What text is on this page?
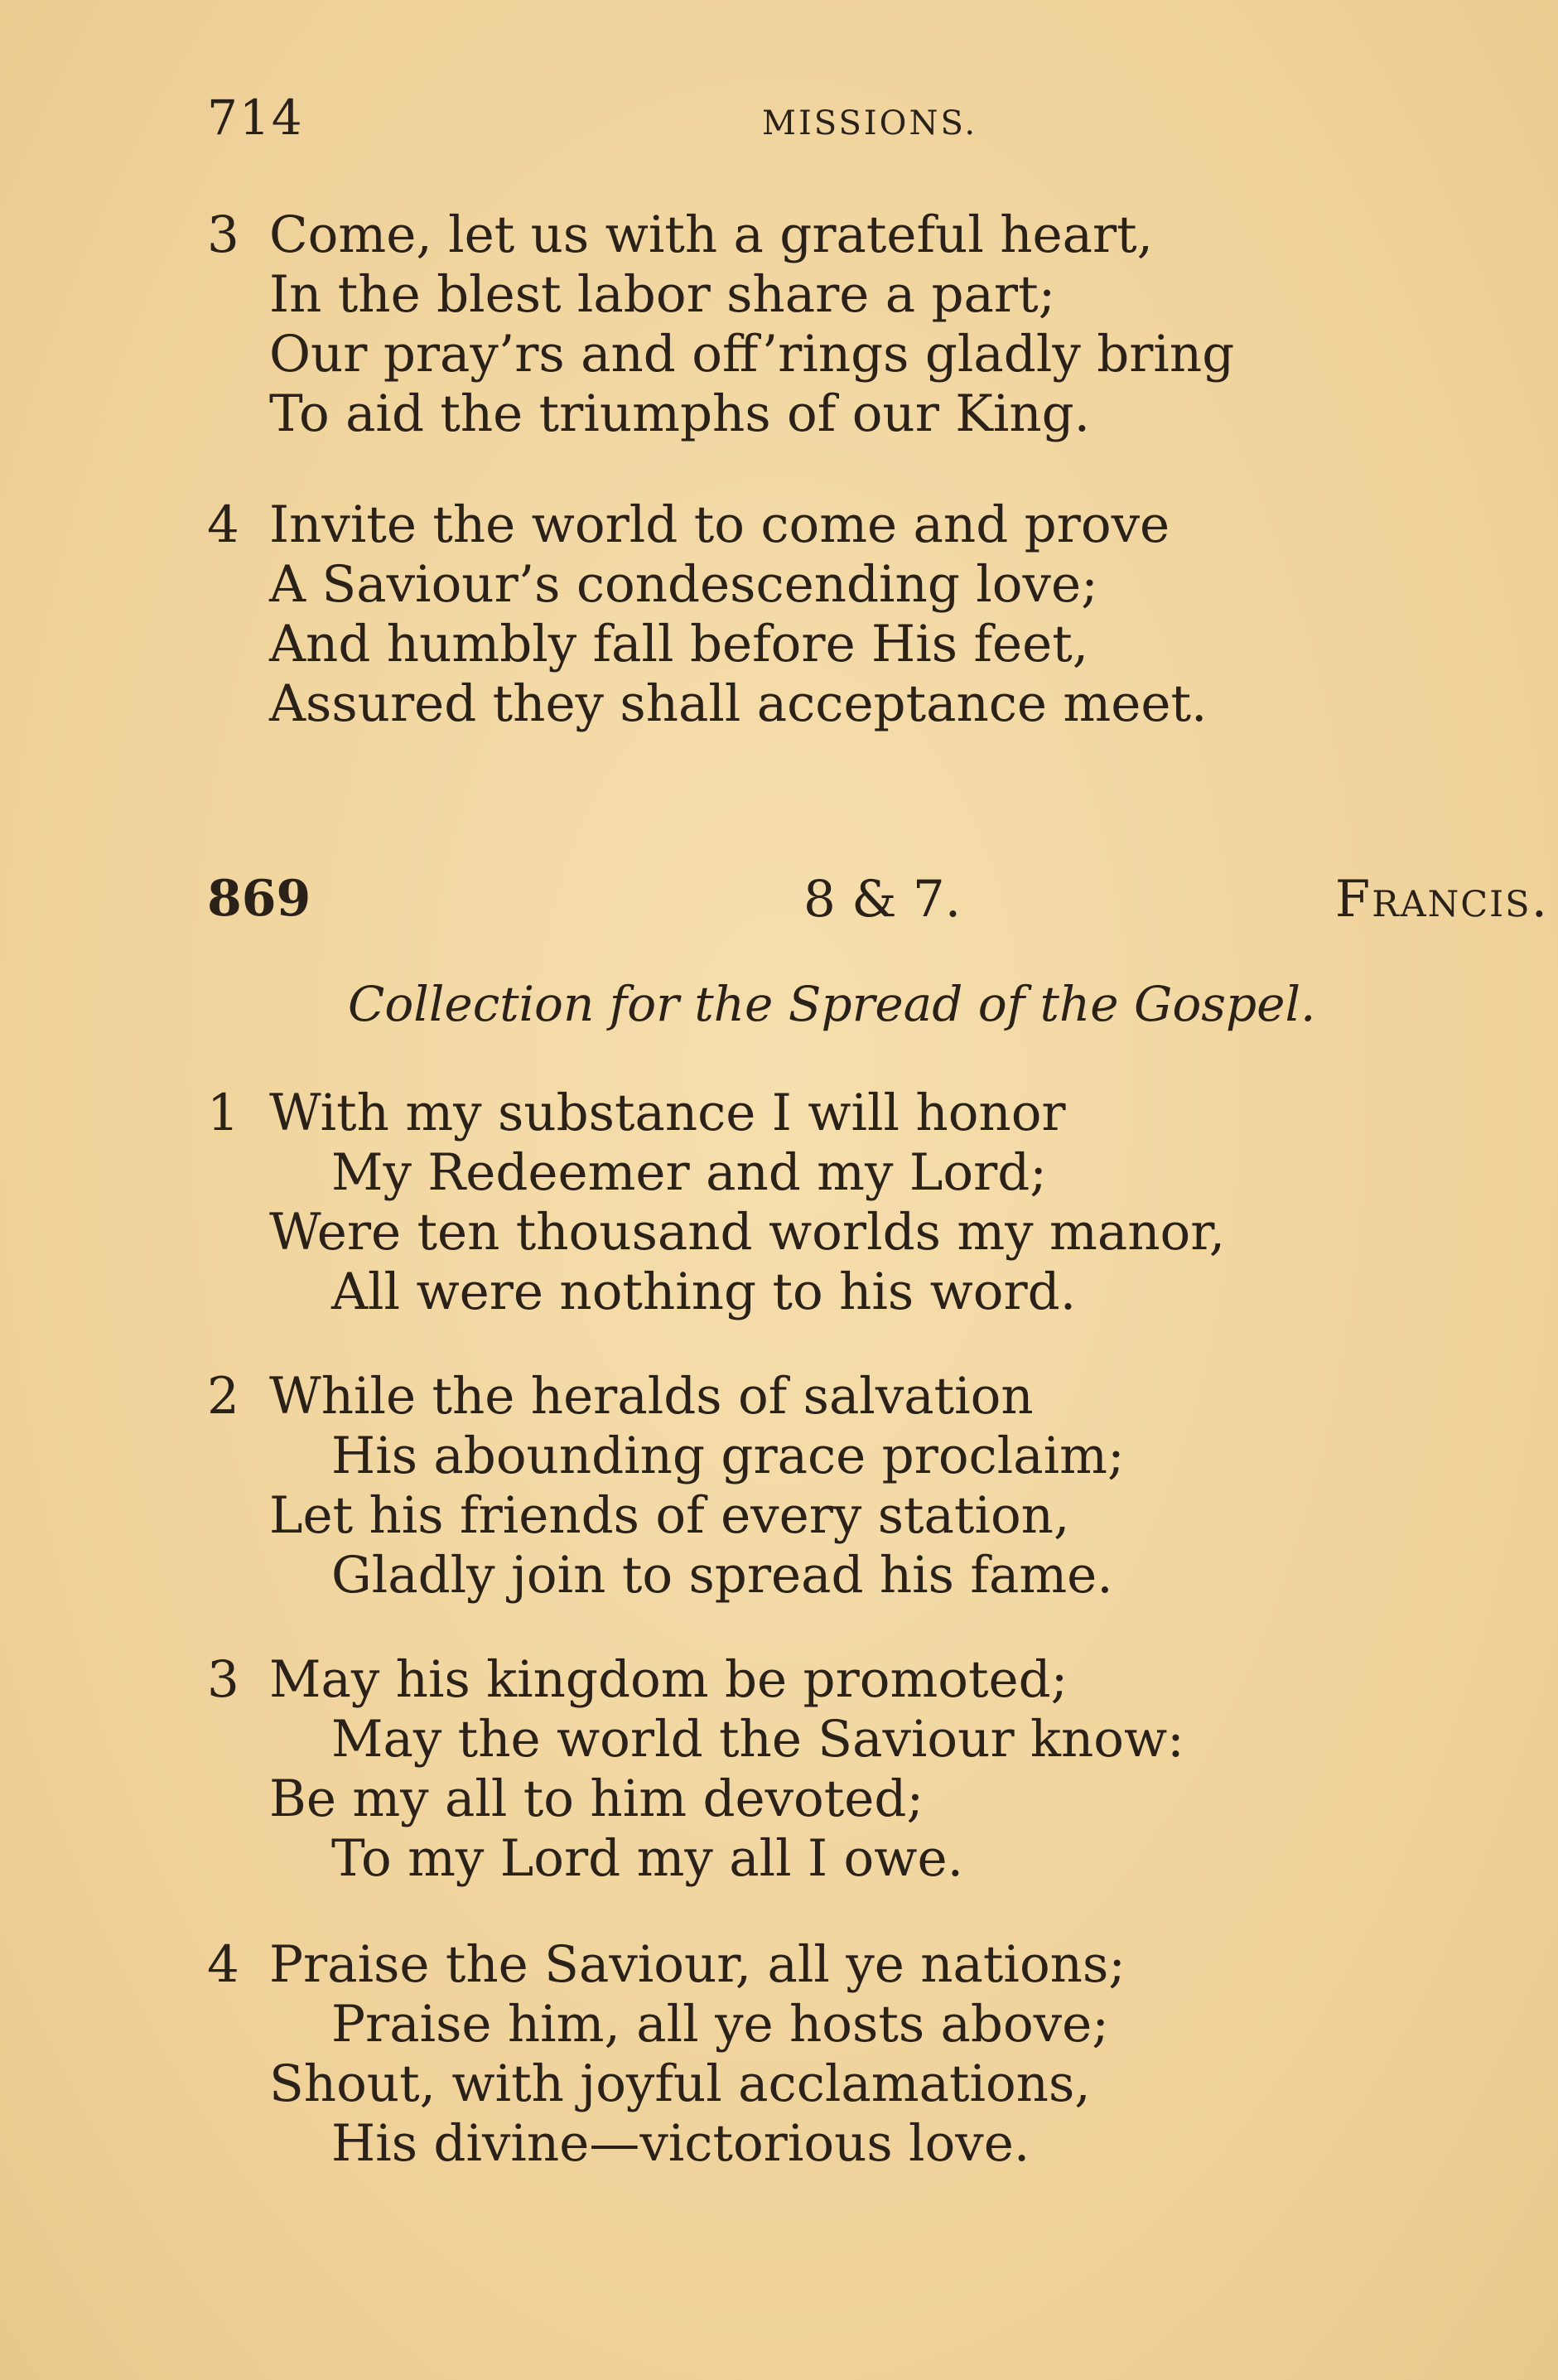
714	MISSIONS.
3 Come, let us with a grateful heart,
In the blest labor share a part;
Our pray’rs and off’rings gladly bring
To aid the triumphs of our King.
4 Invite the world to come and prove
A Saviour’s condescending love;
And humbly fall before His feet,
Assured they shall acceptance meet.
869	8 & 7.	Francis.
Collection for the Spread of the Gospel.
1 With my substance I will honor
My Redeemer and my Lord;
Were ten thousand worlds my manor,
All were nothing to his word.
2 While the heralds of salvation
His abounding grace proclaim;
Let his friends of every station,
Gladly join to spread his fame.
3 May his kingdom be promoted;
May the world the Saviour know:
Be my all to him devoted;
To my Lord my all I owe.
4 Praise the Saviour, all ye nations;
Praise him, all ye hosts above;
Shout, with joyful acclamations,
His divine—victorious love.
